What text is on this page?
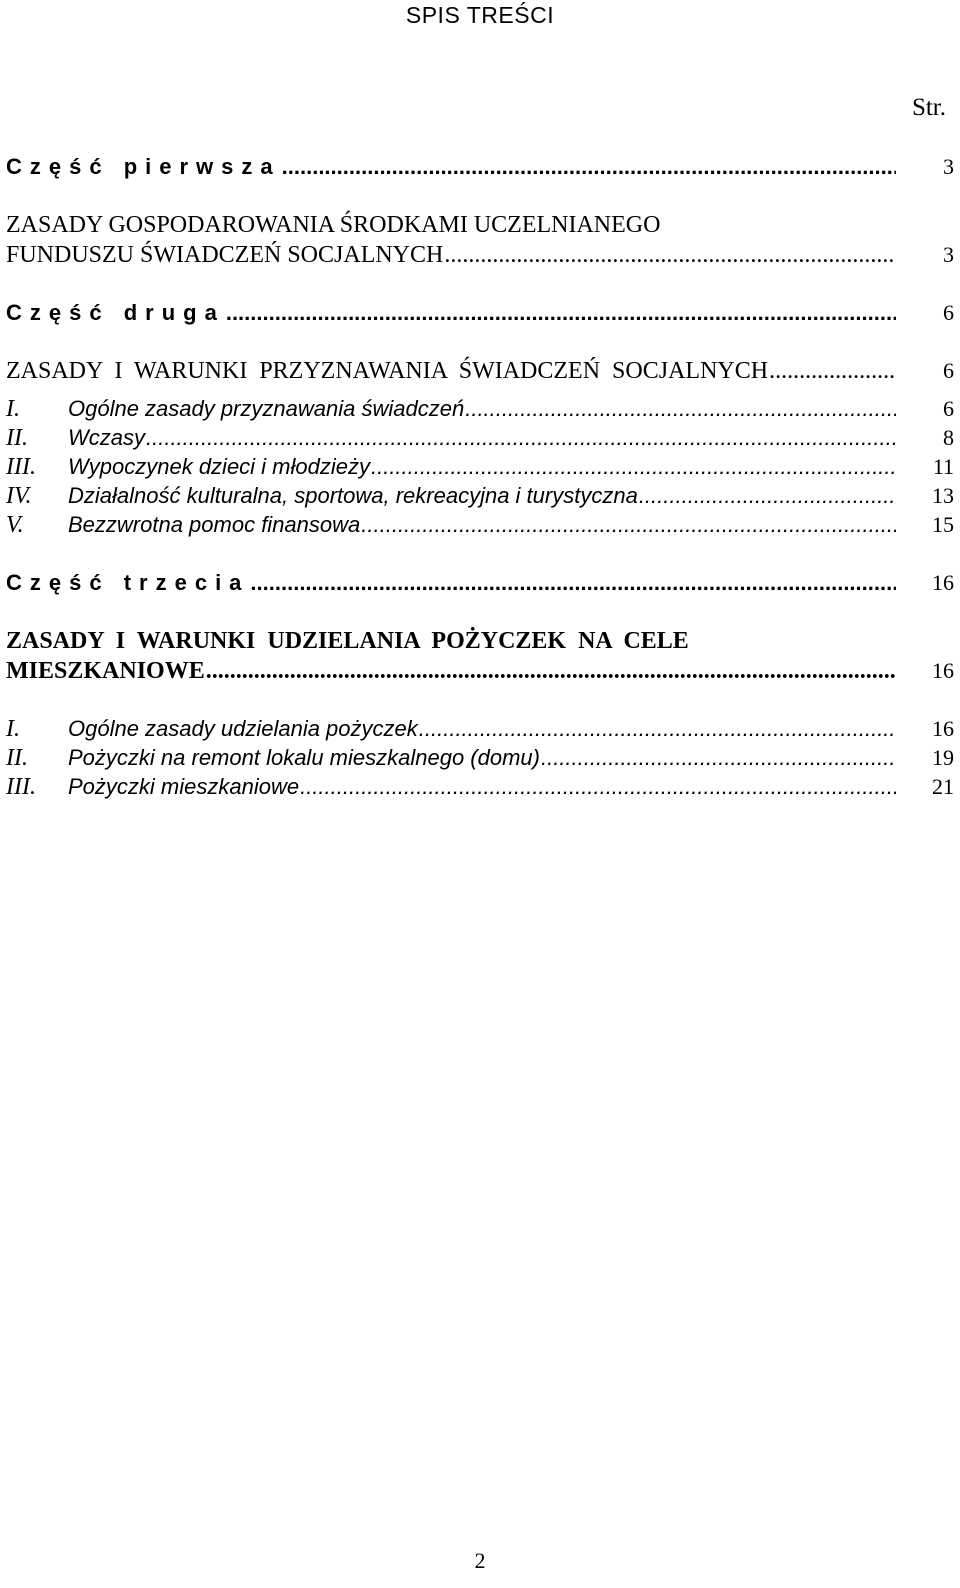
SPIS TREŚCI
Str.
Część pierwsza .....	3
ZASADY GOSPODAROWANIA ŚRODKAMI UCZELNIANEGO
FUNDUSZU ŚWIADCZEŃ SOCJALNYCH .....	3
Część druga .....	6
ZASADY I WARUNKI PRZYZNAWANIA ŚWIADCZEŃ SOCJALNYCH .....	6
I. Ogólne zasady przyznawania świadczeń .....	6
II. Wczasy .....	8
III. Wypoczynek dzieci i młodzieży .....	11
IV. Działalność kulturalna, sportowa, rekreacyjna i turystyczna .....	13
V. Bezzwrotna pomoc finansowa .....	15
Część trzecia .....	16
ZASADY I WARUNKI UDZIELANIA POŻYCZEK NA CELE
MIESZKANIOWE .....	16
I. Ogólne zasady udzielania pożyczek .....	16
II. Pożyczki na remont lokalu mieszkalnego (domu) .....	19
III. Pożyczki mieszkaniowe .....	21
2
